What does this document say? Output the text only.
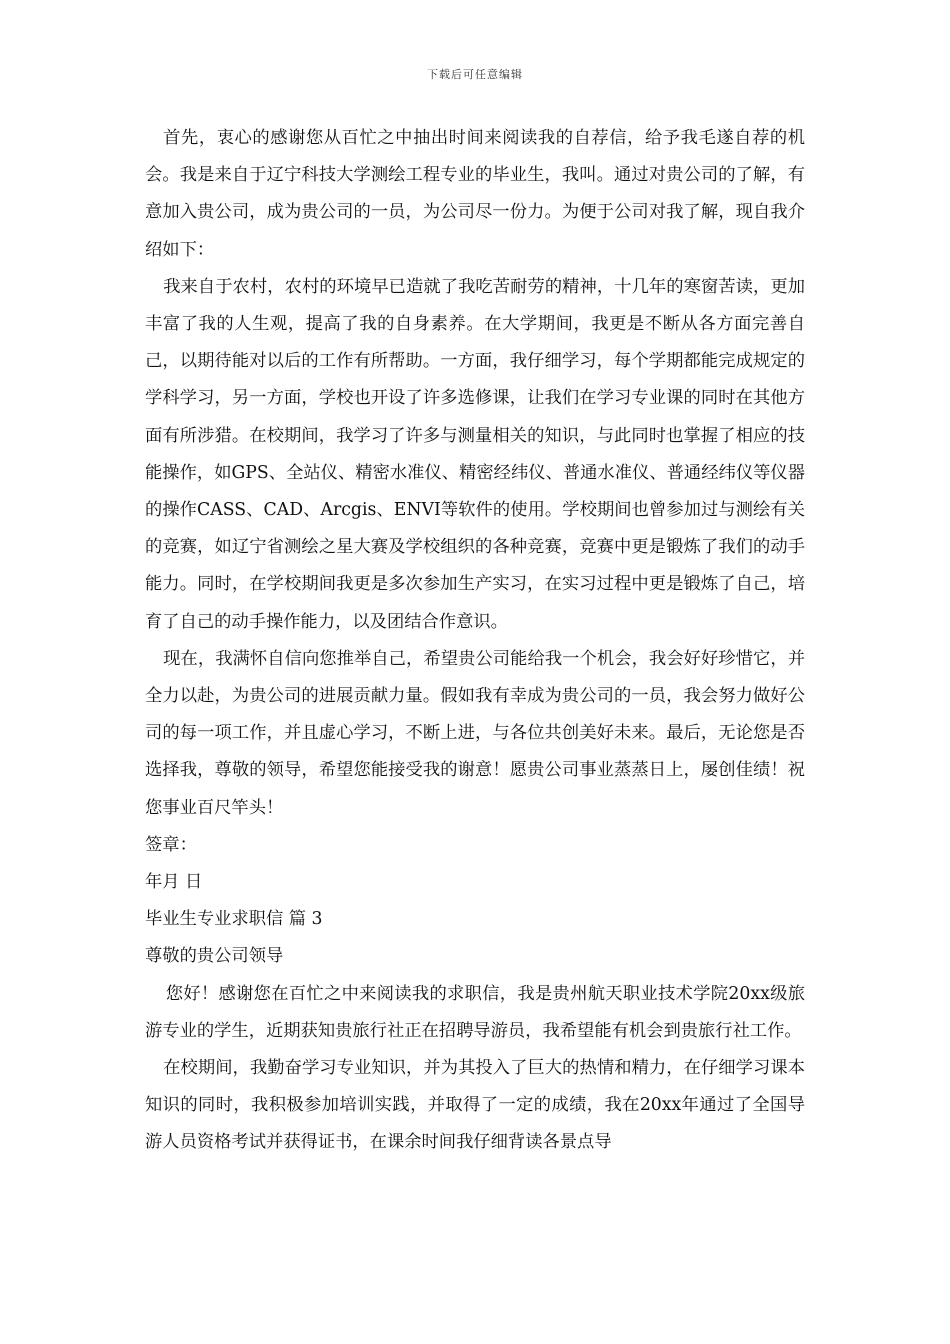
下载后可任意编辑

首先，衷心的感谢您从百忙之中抽出时间来阅读我的自荐信，给予我毛遂自荐的机会。我是来自于辽宁科技大学测绘工程专业的毕业生，我叫。通过对贵公司的了解，有意加入贵公司，成为贵公司的一员，为公司尽一份力。为便于公司对我了解，现自我介绍如下：

我来自于农村，农村的环境早已造就了我吃苦耐劳的精神，十几年的寒窗苦读，更加丰富了我的人生观，提高了我的自身素养。在大学期间，我更是不断从各方面完善自己，以期待能对以后的工作有所帮助。一方面，我仔细学习，每个学期都能完成规定的学科学习，另一方面，学校也开设了许多选修课，让我们在学习专业课的同时在其他方面有所涉猎。在校期间，我学习了许多与测量相关的知识，与此同时也掌握了相应的技能操作，如GPS、全站仪、精密水准仪、精密经纬仪、普通水准仪、普通经纬仪等仪器的操作CASS、CAD、Arcgis、ENVI等软件的使用。学校期间也曾参加过与测绘有关的竞赛，如辽宁省测绘之星大赛及学校组织的各种竞赛，竞赛中更是锻炼了我们的动手能力。同时，在学校期间我更是多次参加生产实习，在实习过程中更是锻炼了自己，培育了自己的动手操作能力，以及团结合作意识。

现在，我满怀自信向您推举自己，希望贵公司能给我一个机会，我会好好珍惜它，并全力以赴，为贵公司的进展贡献力量。假如我有幸成为贵公司的一员，我会努力做好公司的每一项工作，并且虚心学习，不断上进，与各位共创美好未来。最后，无论您是否选择我，尊敬的领导，希望您能接受我的谢意！愿贵公司事业蒸蒸日上，屡创佳绩！祝您事业百尺竿头！

签章：

年月 日

毕业生专业求职信 篇 3

尊敬的贵公司领导

您好！感谢您在百忙之中来阅读我的求职信，我是贵州航天职业技术学院20xx级旅游专业的学生，近期获知贵旅行社正在招聘导游员，我希望能有机会到贵旅行社工作。

在校期间，我勤奋学习专业知识，并为其投入了巨大的热情和精力，在仔细学习课本知识的同时，我积极参加培训实践，并取得了一定的成绩，我在20xx年通过了全国导游人员资格考试并获得证书，在课余时间我仔细背读各景点导
